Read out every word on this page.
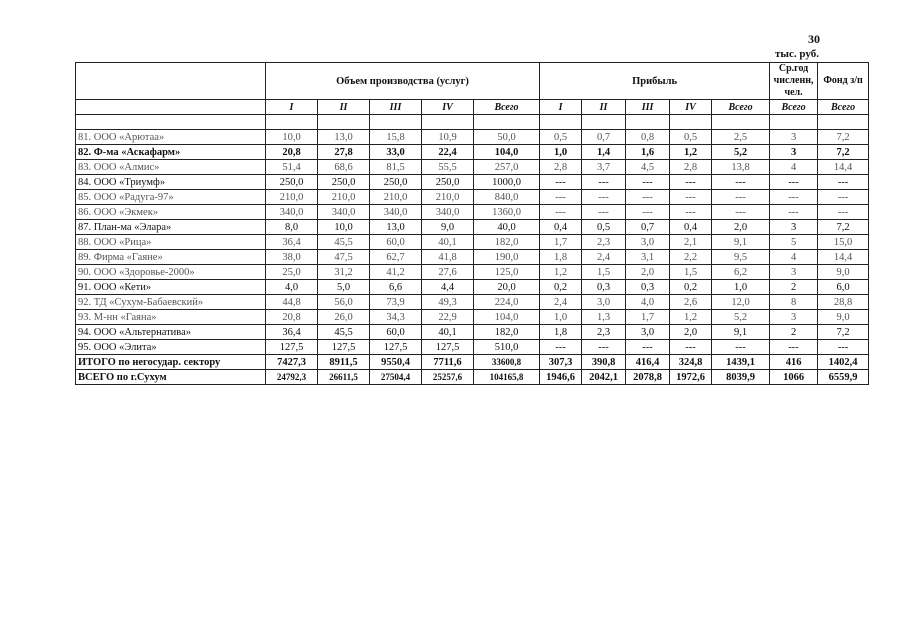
30
тыс. руб.
	Объем производства (услуг)					Прибыль					Ср.год численн, чел.	Фонд з/п
	I	II	III	IV	Всего	I	II	III	IV	Всего	Всего	Всего

81. ООО «Арютаа»	10,0	13,0	15,8	10,9	50,0	0,5	0,7	0,8	0,5	2,5	3	7,2
82. Ф-ма «Аскафарм»	20,8	27,8	33,0	22,4	104,0	1,0	1,4	1,6	1,2	5,2	3	7,2
83. ООО «Алмис»	51,4	68,6	81,5	55,5	257,0	2,8	3,7	4,5	2,8	13,8	4	14,4
84. ООО «Триумф»	250,0	250,0	250,0	250,0	1000,0	---	---	---	---	---	---	---
85. ООО «Радуга-97»	210,0	210,0	210,0	210,0	840,0	---	---	---	---	---	---	---
86. ООО «Экмек»	340,0	340,0	340,0	340,0	1360,0	---	---	---	---	---	---	---
87. План-ма «Элара»	8,0	10,0	13,0	9,0	40,0	0,4	0,5	0,7	0,4	2,0	3	7,2
88. ООО «Рица»	36,4	45,5	60,0	40,1	182,0	1,7	2,3	3,0	2,1	9,1	5	15,0
89. Фирма «Гаяне»	38,0	47,5	62,7	41,8	190,0	1,8	2,4	3,1	2,2	9,5	4	14,4
90. ООО «Здоровье-2000»	25,0	31,2	41,2	27,6	125,0	1,2	1,5	2,0	1,5	6,2	3	9,0
91. ООО «Кети»	4,0	5,0	6,6	4,4	20,0	0,2	0,3	0,3	0,2	1,0	2	6,0
92. ТД «Сухум-Бабаевский»	44,8	56,0	73,9	49,3	224,0	2,4	3,0	4,0	2,6	12,0	8	28,8
93. М-нн «Гаяна»	20,8	26,0	34,3	22,9	104,0	1,0	1,3	1,7	1,2	5,2	3	9,0
94. ООО «Альтернатива»	36,4	45,5	60,0	40,1	182,0	1,8	2,3	3,0	2,0	9,1	2	7,2
95. ООО «Элита»	127,5	127,5	127,5	127,5	510,0	---	---	---	---	---	---	---
ИТОГО по негосудар. сектору	7427,3	8911,5	9550,4	7711,6	33600,8	307,3	390,8	416,4	324,8	1439,1	416	1402,4
ВСЕГО по г.Сухум	24792,3	26611,5	27504,4	25257,6	104165,8	1946,6	2042,1	2078,8	1972,6	8039,9	1066	6559,9
